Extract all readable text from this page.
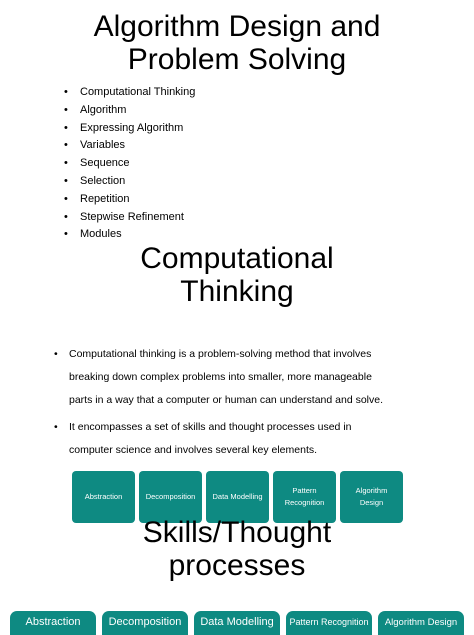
Algorithm Design and
Problem Solving
• Computational Thinking
• Algorithm
• Expressing Algorithm
• Variables
• Sequence
• Selection
• Repetition
• Stepwise Refinement
• Modules
Computational
Thinking
• Computational thinking is a problem-solving method that involves
breaking down complex problems into smaller, more manageable
parts in a way that a computer or human can understand and solve.
• It encompasses a set of skills and thought processes used in
computer science and involves several key elements.
Abstraction	Decomposition Data Modelling
Pattern
Recognition
Algorithm
Design
Skills/Thought
processes
Abstraction	Decomposition	Data Modelling	Pattern Recognition	Algorithm Design
